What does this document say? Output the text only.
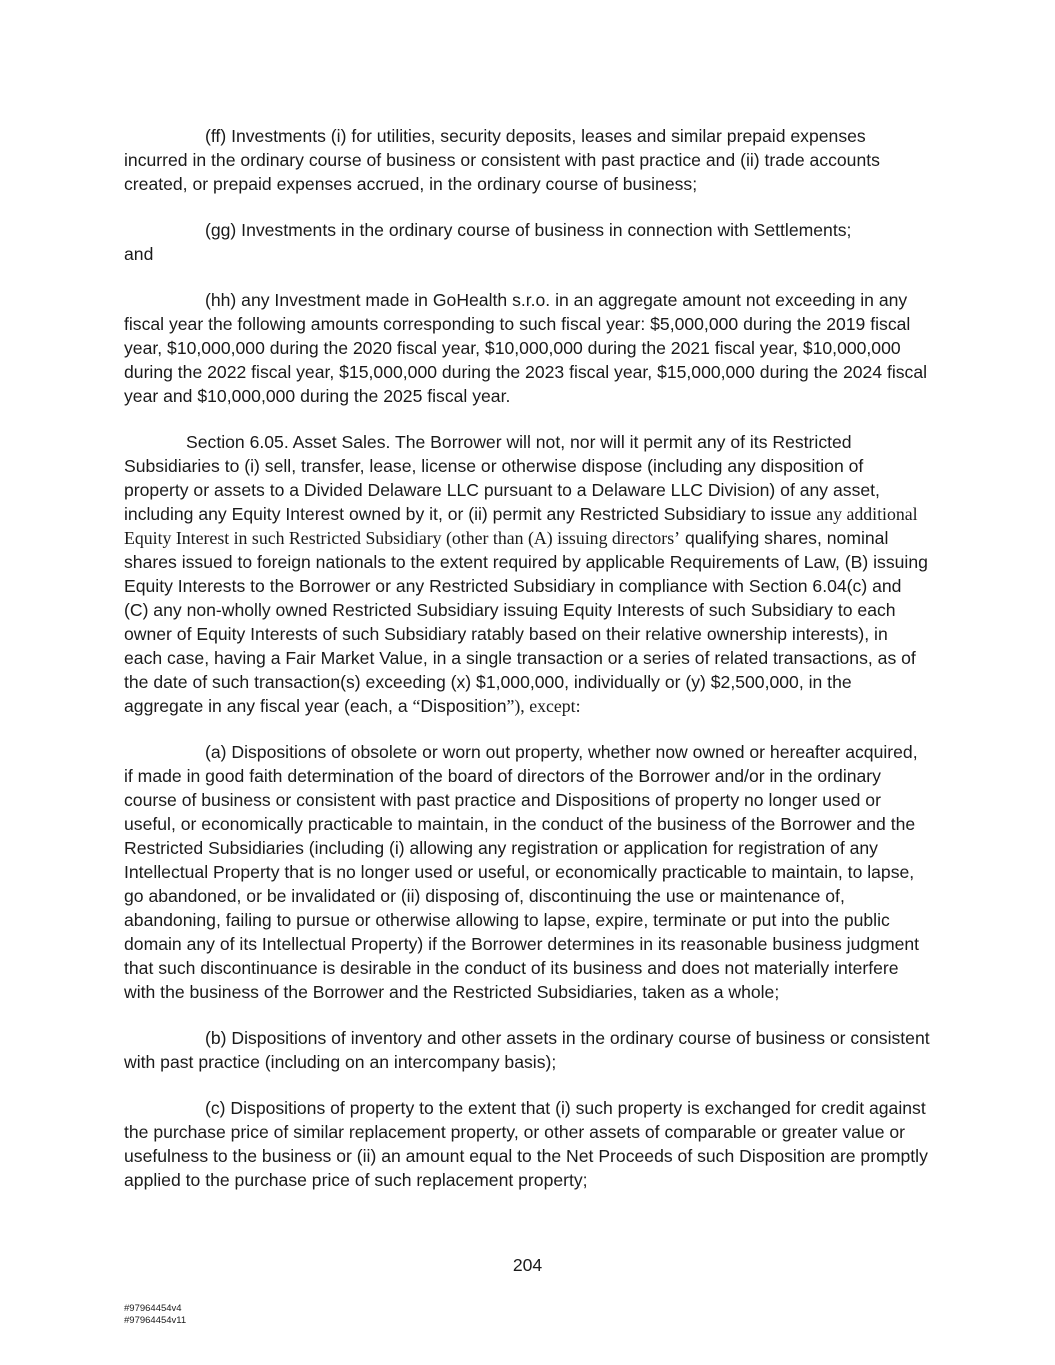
(ff) Investments (i) for utilities, security deposits, leases and similar prepaid expenses incurred in the ordinary course of business or consistent with past practice and (ii) trade accounts created, or prepaid expenses accrued, in the ordinary course of business;

(gg) Investments in the ordinary course of business in connection with Settlements;
and

(hh) any Investment made in GoHealth s.r.o. in an aggregate amount not exceeding in any fiscal year the following amounts corresponding to such fiscal year: $5,000,000 during the 2019 fiscal year, $10,000,000 during the 2020 fiscal year, $10,000,000 during the 2021 fiscal year, $10,000,000 during the 2022 fiscal year, $15,000,000 during the 2023 fiscal year, $15,000,000 during the 2024 fiscal year and $10,000,000 during the 2025 fiscal year.

Section 6.05. Asset Sales. The Borrower will not, nor will it permit any of its Restricted Subsidiaries to (i) sell, transfer, lease, license or otherwise dispose (including any disposition of property or assets to a Divided Delaware LLC pursuant to a Delaware LLC Division) of any asset, including any Equity Interest owned by it, or (ii) permit any Restricted Subsidiary to issue any additional Equity Interest in such Restricted Subsidiary (other than (A) issuing directors’ qualifying shares, nominal shares issued to foreign nationals to the extent required by applicable Requirements of Law, (B) issuing Equity Interests to the Borrower or any Restricted Subsidiary in compliance with Section 6.04(c) and (C) any non-wholly owned Restricted Subsidiary issuing Equity Interests of such Subsidiary to each owner of Equity Interests of such Subsidiary ratably based on their relative ownership interests), in each case, having a Fair Market Value, in a single transaction or a series of related transactions, as of the date of such transaction(s) exceeding (x) $1,000,000, individually or (y) $2,500,000, in the aggregate in any fiscal year (each, a “Disposition”), except:

(a) Dispositions of obsolete or worn out property, whether now owned or hereafter acquired, if made in good faith determination of the board of directors of the Borrower and/or in the ordinary course of business or consistent with past practice and Dispositions of property no longer used or useful, or economically practicable to maintain, in the conduct of the business of the Borrower and the Restricted Subsidiaries (including (i) allowing any registration or application for registration of any Intellectual Property that is no longer used or useful, or economically practicable to maintain, to lapse, go abandoned, or be invalidated or (ii) disposing of, discontinuing the use or maintenance of, abandoning, failing to pursue or otherwise allowing to lapse, expire, terminate or put into the public domain any of its Intellectual Property) if the Borrower determines in its reasonable business judgment that such discontinuance is desirable in the conduct of its business and does not materially interfere with the business of the Borrower and the Restricted Subsidiaries, taken as a whole;

(b) Dispositions of inventory and other assets in the ordinary course of business or consistent with past practice (including on an intercompany basis);

(c) Dispositions of property to the extent that (i) such property is exchanged for credit against the purchase price of similar replacement property, or other assets of comparable or greater value or usefulness to the business or (ii) an amount equal to the Net Proceeds of such Disposition are promptly applied to the purchase price of such replacement property;

204
#97964454v4
#97964454v11
